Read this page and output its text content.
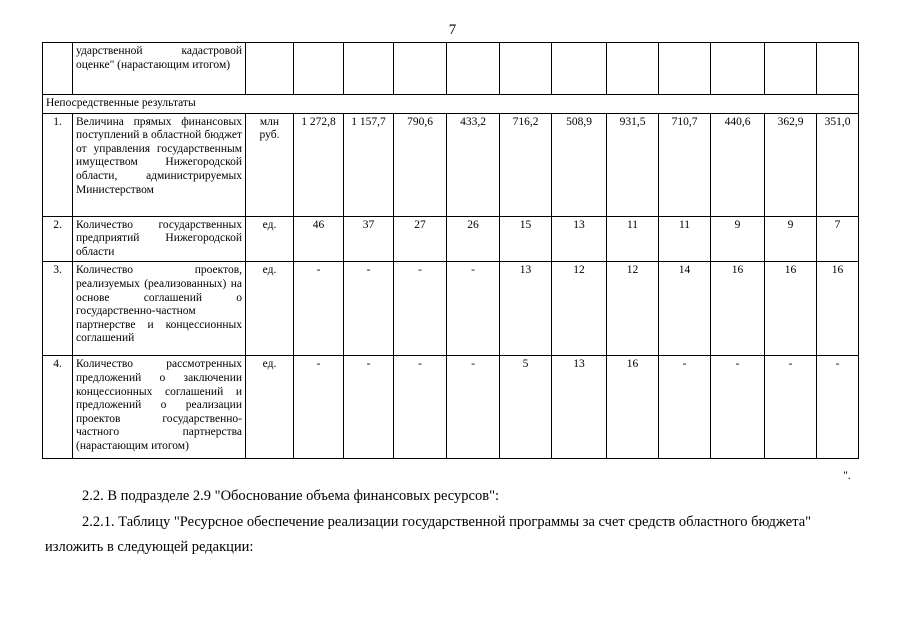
7
	ударственной кадастровой оценке" (нарастающим итогом)												
Непосредственные результаты													
1.	Величина прямых финансовых поступлений в областной бюджет от управления государственным имуществом Нижегородской области, администрируемых Министерством	млн руб.	1 272,8	1 157,7	790,6	433,2	716,2	508,9	931,5	710,7	440,6	362,9	351,0
2.	Количество государственных предприятий Нижегородской области	ед.	46	37	27	26	15	13	11	11	9	9	7
3.	Количество проектов, реализуемых (реализованных) на основе соглашений о государственно-частном партнерстве и концессионных соглашений	ед.	-	-	-	-	13	12	12	14	16	16	16
4.	Количество рассмотренных предложений о заключении концессионных соглашений и предложений о реализации проектов государственно-частного партнерства (нарастающим итогом)	ед.	-	-	-	-	5	13	16	-	-	-	-
".
2.2. В подразделе 2.9 "Обоснование объема финансовых ресурсов":
2.2.1. Таблицу "Ресурсное обеспечение реализации государственной программы за счет средств областного бюджета"
изложить в следующей редакции:
